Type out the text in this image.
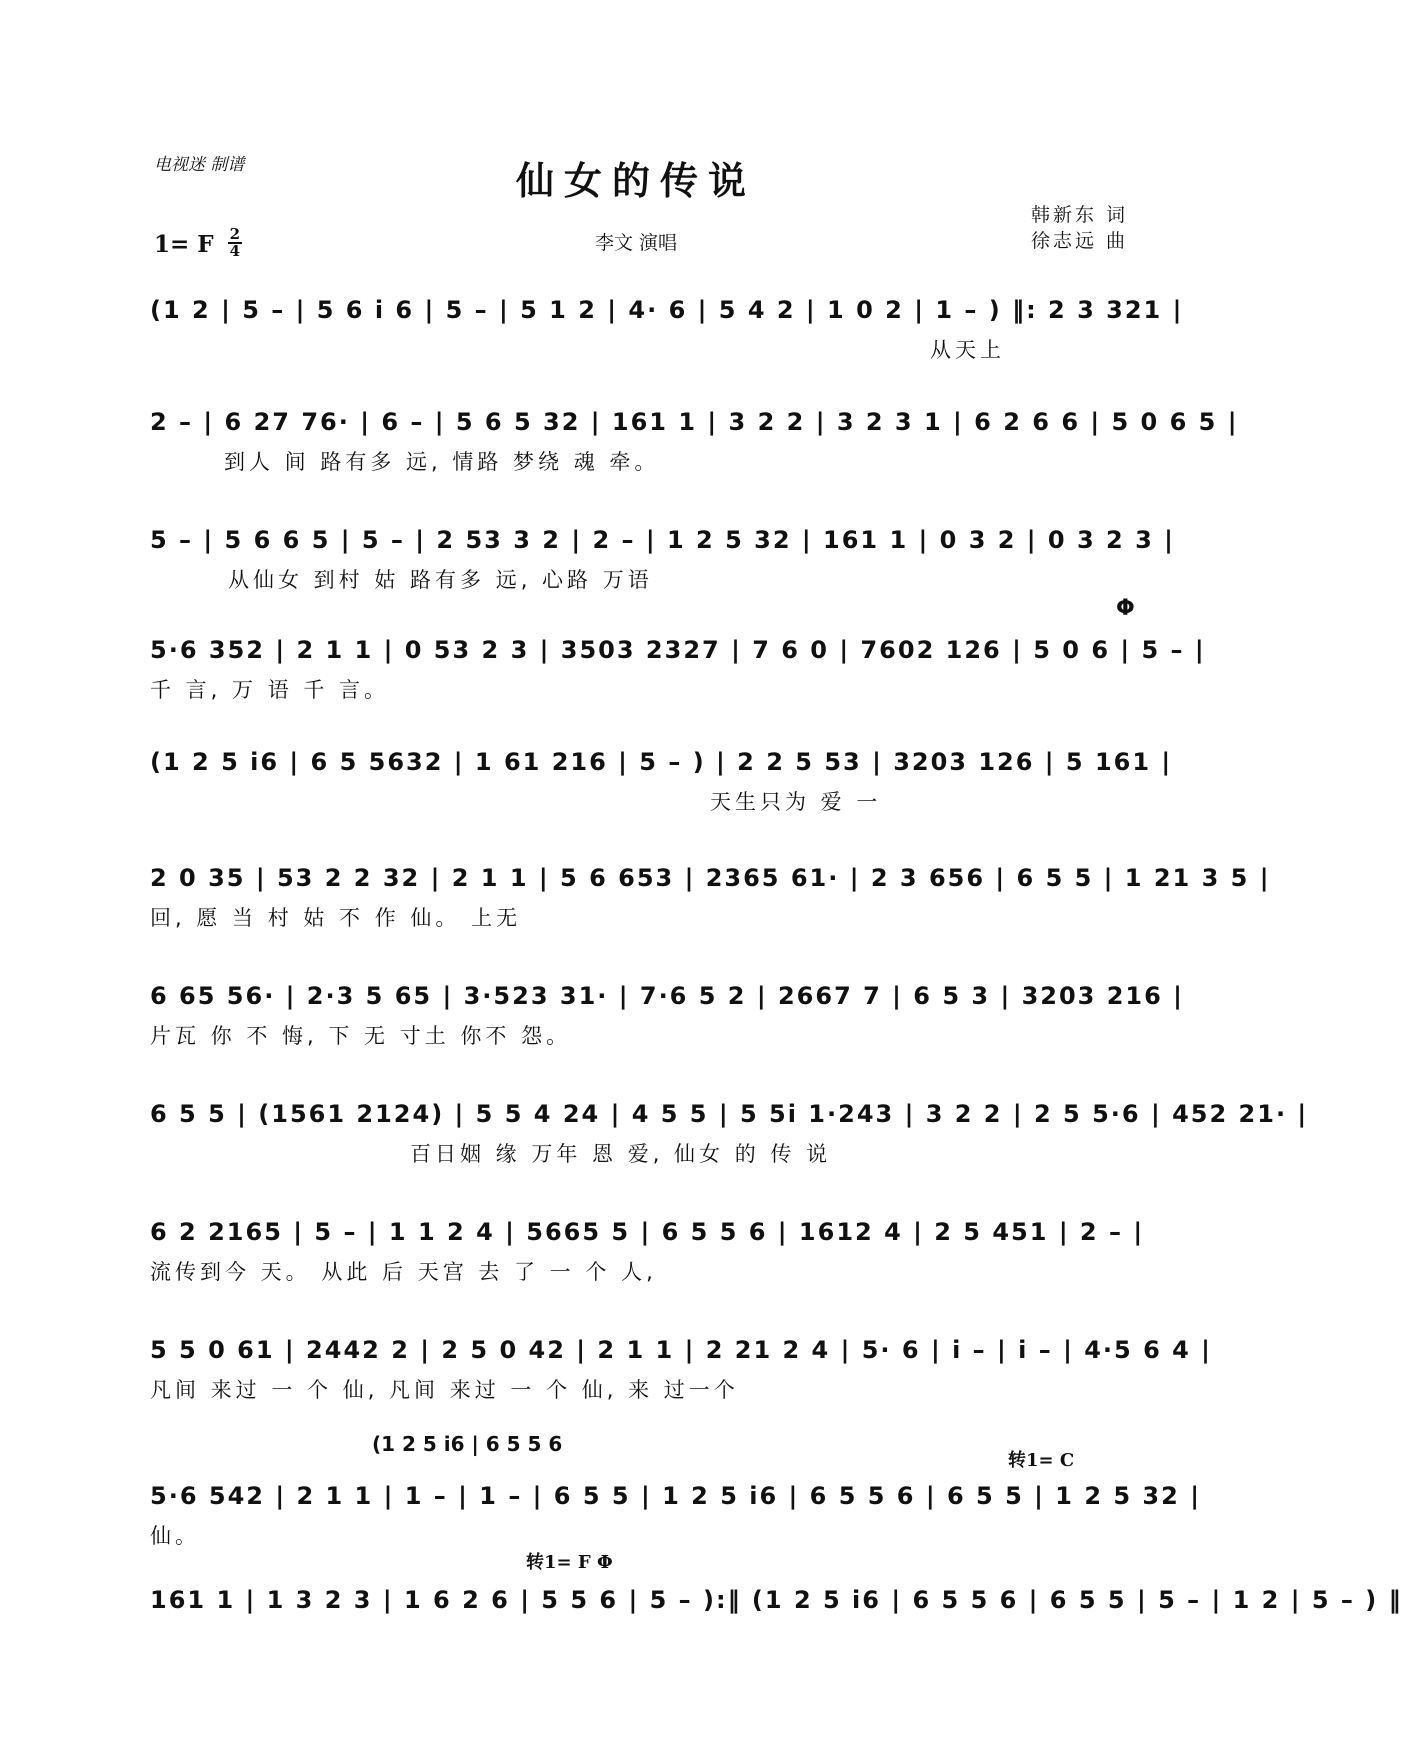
电视迷 制谱	仙女的传说
李文 演唱
韩新东 词
徐志远 曲
1= F $\frac{2}{4}$
(1 2 | 5 – | 5 6 i 6 | 5 – | 5 1 2 | 4· 6 | 5 4 2 | 1 0 2 | 1 – ) ‖: 2 3 321 |
从天上
2 – | 6 27 76· | 6 – | 5 6 5 32 | 161 1 | 3 2 2 | 3 2 3 1 | 6 2 6 6 | 5 0 6 5 |
到人 间 路有多 远, 情路 梦绕 魂 牵。
5 – | 5 6 6 5 | 5 – | 2 53 3 2 | 2 – | 1 2 5 32 | 161 1 | 0 3 2 | 0 3 2 3 |
从仙女 到村 姑 路有多 远, 心路 万语
5·6 352 | 2 1 1 | 0 53 2 3 | 3503 2327 | 7 6 0 | 7602 126 | 5 0 6 | 5 – |
千 言, 万 语 千 言。
(1 2 5 i6 | 6 5 5632 | 1 61 216 | 5 – ) | 2 2 5 53 | 3203 126 | 5 161 |
天生只为 爱 一
2 0 35 | 53 2 2 32 | 2 1 1 | 5 6 653 | 2365 61· | 2 3 656 | 6 5 5 | 1 21 3 5 |
回, 愿 当 村 姑 不 作 仙。 上无
6 65 56· | 2·3 5 65 | 3·523 31· | 7·6 5 2 | 2667 7 | 6 5 3 | 3203 216 |
片瓦 你 不 悔, 下 无 寸土 你不 怨。
6 5 5 | (1561 2124) | 5 5 4 24 | 4 5 5 | 5 5i 1·243 | 3 2 2 | 2 5 5·6 | 452 21· |
百日姻 缘 万年 恩 爱, 仙女 的 传 说
6 2 2165 | 5 – | 1 1 2 4 | 5665 5 | 6 5 5 6 | 1612 4 | 2 5 451 | 2 – |
流传到今 天。 从此 后 天宫 去 了 一 个 人,
5 5 0 61 | 2442 2 | 2 5 0 42 | 2 1 1 | 2 21 2 4 | 5· 6 | i – | i – | 4·5 6 4 |
凡间 来过 一 个 仙, 凡间 来过 一 个 仙, 来 过一个
5·6 542 | 2 1 1 | 1 – | 1 – | 6 5 5 | 1 2 5 i6 | 6 5 5 6 | 6 5 5 | 1 2 5 32 |
仙。
161 1 | 1 3 2 3 | 1 6 2 6 | 5 5 6 | 5 – ):‖ (1 2 5 i6 | 6 5 5 6 | 6 5 5 | 5 – | 1 2 | 5 – ) ‖
Φ
(1 2 5 i6 | 6 5 5 6
转1= C
转1= F Φ
